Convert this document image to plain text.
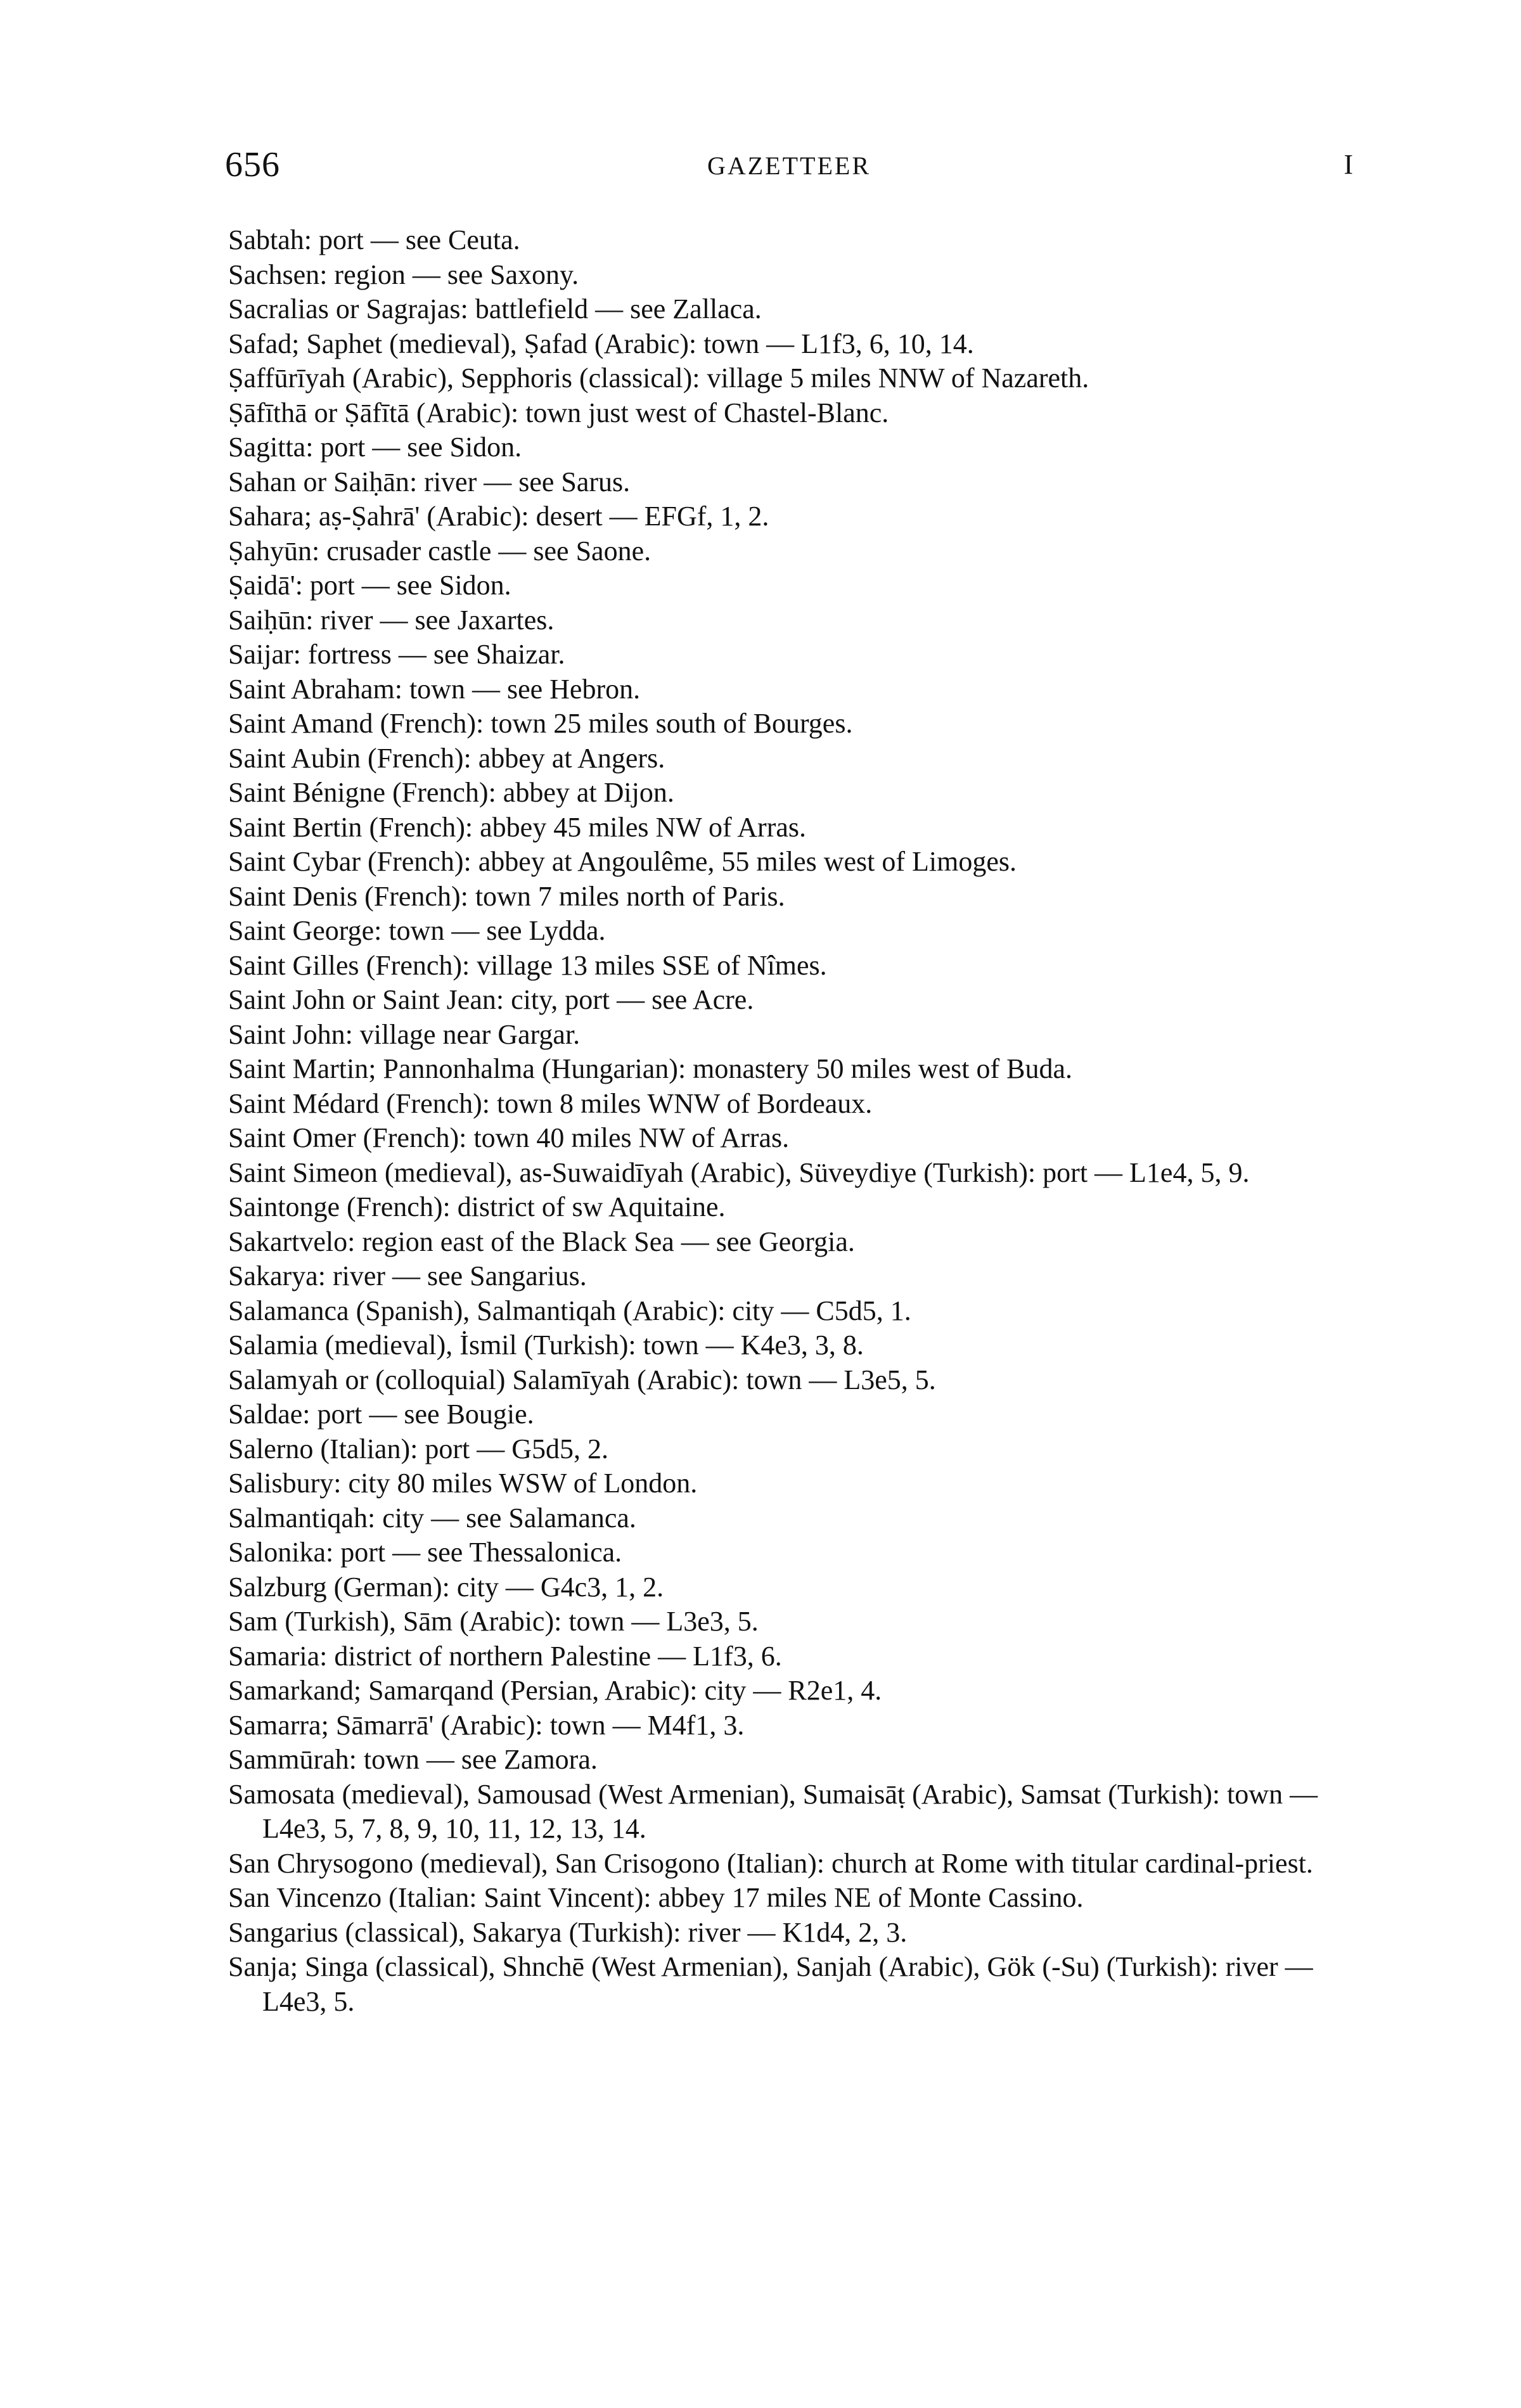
656	GAZETTEER	I
Sabtah: port — see Ceuta.
Sachsen: region — see Saxony.
Sacralias or Sagrajas: battlefield — see Zallaca.
Safad; Saphet (medieval), Ṣafad (Arabic): town — L1f3, 6, 10, 14.
Ṣaffūrīyah (Arabic), Sepphoris (classical): village 5 miles NNW of Nazareth.
Ṣāfīthā or Ṣāfītā (Arabic): town just west of Chastel-Blanc.
Sagitta: port — see Sidon.
Sahan or Saiḥān: river — see Sarus.
Sahara; aṣ-Ṣahrā' (Arabic): desert — EFGf, 1, 2.
Ṣahyūn: crusader castle — see Saone.
Ṣaidā': port — see Sidon.
Saiḥūn: river — see Jaxartes.
Saijar: fortress — see Shaizar.
Saint Abraham: town — see Hebron.
Saint Amand (French): town 25 miles south of Bourges.
Saint Aubin (French): abbey at Angers.
Saint Bénigne (French): abbey at Dijon.
Saint Bertin (French): abbey 45 miles NW of Arras.
Saint Cybar (French): abbey at Angoulême, 55 miles west of Limoges.
Saint Denis (French): town 7 miles north of Paris.
Saint George: town — see Lydda.
Saint Gilles (French): village 13 miles SSE of Nîmes.
Saint John or Saint Jean: city, port — see Acre.
Saint John: village near Gargar.
Saint Martin; Pannonhalma (Hungarian): monastery 50 miles west of Buda.
Saint Médard (French): town 8 miles WNW of Bordeaux.
Saint Omer (French): town 40 miles NW of Arras.
Saint Simeon (medieval), as-Suwaidīyah (Arabic), Süveydiye (Turkish): port — L1e4, 5, 9.
Saintonge (French): district of sw Aquitaine.
Sakartvelo: region east of the Black Sea — see Georgia.
Sakarya: river — see Sangarius.
Salamanca (Spanish), Salmantiqah (Arabic): city — C5d5, 1.
Salamia (medieval), İsmil (Turkish): town — K4e3, 3, 8.
Salamyah or (colloquial) Salamīyah (Arabic): town — L3e5, 5.
Saldae: port — see Bougie.
Salerno (Italian): port — G5d5, 2.
Salisbury: city 80 miles WSW of London.
Salmantiqah: city — see Salamanca.
Salonika: port — see Thessalonica.
Salzburg (German): city — G4c3, 1, 2.
Sam (Turkish), Sām (Arabic): town — L3e3, 5.
Samaria: district of northern Palestine — L1f3, 6.
Samarkand; Samarqand (Persian, Arabic): city — R2e1, 4.
Samarra; Sāmarrā' (Arabic): town — M4f1, 3.
Sammūrah: town — see Zamora.
Samosata (medieval), Samousad (West Armenian), Sumaisāṭ (Arabic), Samsat (Turkish): town — L4e3, 5, 7, 8, 9, 10, 11, 12, 13, 14.
San Chrysogono (medieval), San Crisogono (Italian): church at Rome with titular cardinal-priest.
San Vincenzo (Italian: Saint Vincent): abbey 17 miles NE of Monte Cassino.
Sangarius (classical), Sakarya (Turkish): river — K1d4, 2, 3.
Sanja; Singa (classical), Shnchē (West Armenian), Sanjah (Arabic), Gök (-Su) (Turkish): river — L4e3, 5.
